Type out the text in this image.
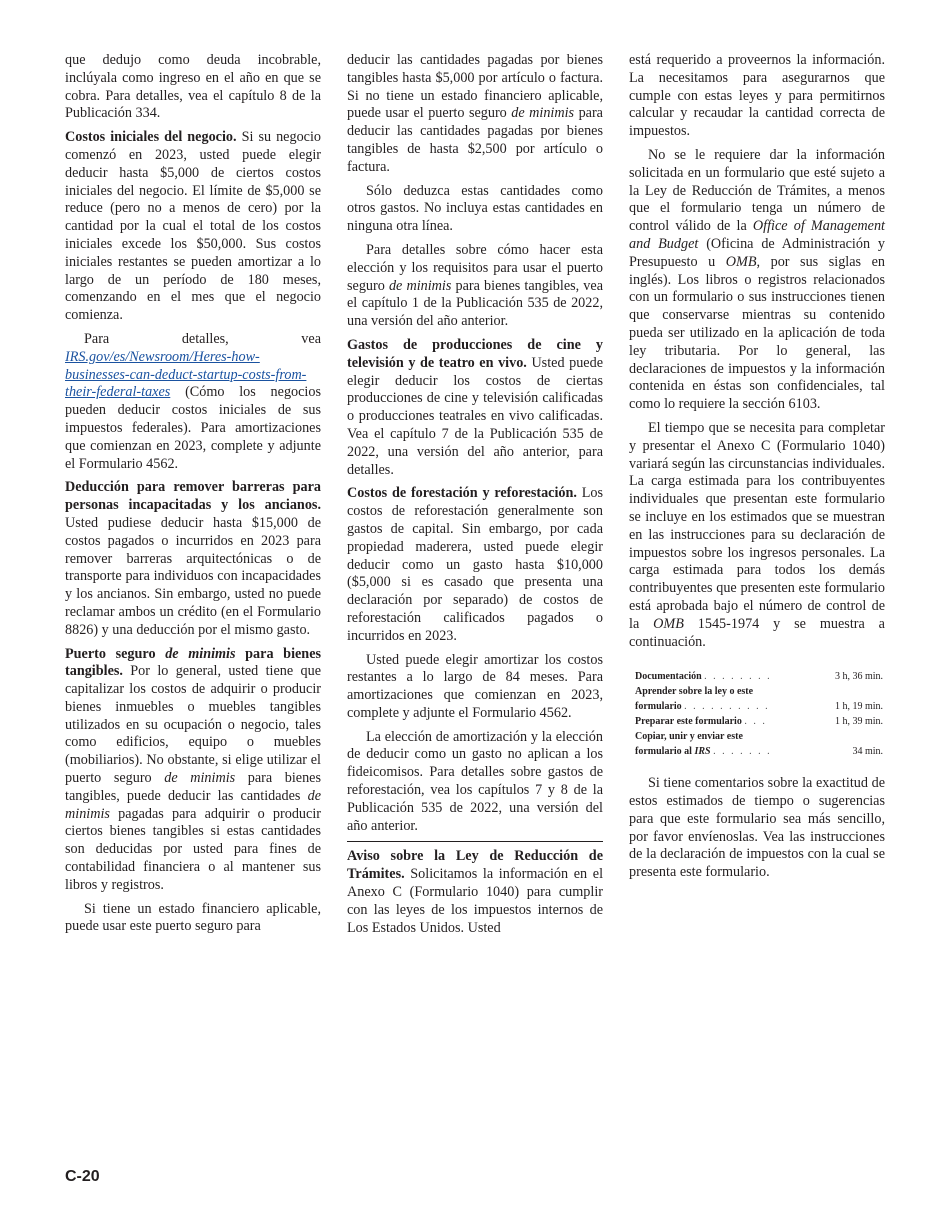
que dedujo como deuda incobrable, inclúyala como ingreso en el año en que se cobra. Para detalles, vea el capítulo 8 de la Publicación 334.

Costos iniciales del negocio. Si su negocio comenzó en 2023, usted puede elegir deducir hasta $5,000 de ciertos costos iniciales del negocio. El límite de $5,000 se reduce (pero no a menos de cero) por la cantidad por la cual el total de los costos iniciales excede los $50,000. Sus costos iniciales restantes se pueden amortizar a lo largo de un período de 180 meses, comenzando en el mes que el negocio comienza.

Para detalles, vea IRS.gov/es/Newsroom/Heres-how-businesses-can-deduct-startup-costs-from-their-federal-taxes (Cómo los negocios pueden deducir costos iniciales de sus impuestos federales). Para amortizaciones que comienzan en 2023, complete y adjunte el Formulario 4562.

Deducción para remover barreras para personas incapacitadas y los ancianos. Usted pudiese deducir hasta $15,000 de costos pagados o incurridos en 2023 para remover barreras arquitectónicas o de transporte para individuos con incapacidades y los ancianos. Sin embargo, usted no puede reclamar ambos un crédito (en el Formulario 8826) y una deducción por el mismo gasto.

Puerto seguro de minimis para bienes tangibles. Por lo general, usted tiene que capitalizar los costos de adquirir o producir bienes inmuebles o muebles tangibles utilizados en su ocupación o negocio, tales como edificios, equipo o muebles (mobiliarios). No obstante, si elige utilizar el puerto seguro de minimis para bienes tangibles, puede deducir las cantidades de minimis pagadas para adquirir o producir ciertos bienes tangibles si estas cantidades son deducidas por usted para fines de contabilidad financiera o al mantener sus libros y registros.

Si tiene un estado financiero aplicable, puede usar este puerto seguro para

deducir las cantidades pagadas por bienes tangibles hasta $5,000 por artículo o factura. Si no tiene un estado financiero aplicable, puede usar el puerto seguro de minimis para deducir las cantidades pagadas por bienes tangibles de hasta $2,500 por artículo o factura.

Sólo deduzca estas cantidades como otros gastos. No incluya estas cantidades en ninguna otra línea.

Para detalles sobre cómo hacer esta elección y los requisitos para usar el puerto seguro de minimis para bienes tangibles, vea el capítulo 1 de la Publicación 535 de 2022, una versión del año anterior.

Gastos de producciones de cine y televisión y de teatro en vivo. Usted puede elegir deducir los costos de ciertas producciones de cine y televisión calificadas o producciones teatrales en vivo calificadas. Vea el capítulo 7 de la Publicación 535 de 2022, una versión del año anterior, para detalles.

Costos de forestación y reforestación. Los costos de reforestación generalmente son gastos de capital. Sin embargo, por cada propiedad maderera, usted puede elegir deducir como un gasto hasta $10,000 ($5,000 si es casado que presenta una declaración por separado) de costos de reforestación calificados pagados o incurridos en 2023.

Usted puede elegir amortizar los costos restantes a lo largo de 84 meses. Para amortizaciones que comienzan en 2023, complete y adjunte el Formulario 4562.

La elección de amortización y la elección de deducir como un gasto no aplican a los fideicomisos. Para detalles sobre gastos de reforestación, vea los capítulos 7 y 8 de la Publicación 535 de 2022, una versión del año anterior.

Aviso sobre la Ley de Reducción de Trámites. Solicitamos la información en el Anexo C (Formulario 1040) para cumplir con las leyes de los impuestos internos de Los Estados Unidos. Usted

está requerido a proveernos la información. La necesitamos para asegurarnos que cumple con estas leyes y para permitirnos calcular y recaudar la cantidad correcta de impuestos.

No se le requiere dar la información solicitada en un formulario que esté sujeto a la Ley de Reducción de Trámites, a menos que el formulario tenga un número de control válido de la Office of Management and Budget (Oficina de Administración y Presupuesto u OMB, por sus siglas en inglés). Los libros o registros relacionados con un formulario o sus instrucciones tienen que conservarse mientras su contenido pueda ser utilizado en la aplicación de toda ley tributaria. Por lo general, las declaraciones de impuestos y la información contenida en éstas son confidenciales, tal como lo requiere la sección 6103.

El tiempo que se necesita para completar y presentar el Anexo C (Formulario 1040) variará según las circunstancias individuales. La carga estimada para los contribuyentes individuales que presentan este formulario se incluye en los estimados que se muestran en las instrucciones para su declaración de impuestos sobre los ingresos personales. La carga estimada para todos los demás contribuyentes que presenten este formulario está aprobada bajo el número de control de la OMB 1545-1974 y se muestra a continuación.

Documentación . . . . . . . .	3 h, 36 min.
Aprender sobre la ley o este
formulario . . . . . . . . . .	1 h, 19 min.
Preparar este formulario . . .	1 h, 39 min.
Copiar, unir y enviar este
formulario al IRS . . . . . . .	34 min.

Si tiene comentarios sobre la exactitud de estos estimados de tiempo o sugerencias para que este formulario sea más sencillo, por favor envíenoslas. Vea las instrucciones de la declaración de impuestos con la cual se presenta este formulario.

C-20
